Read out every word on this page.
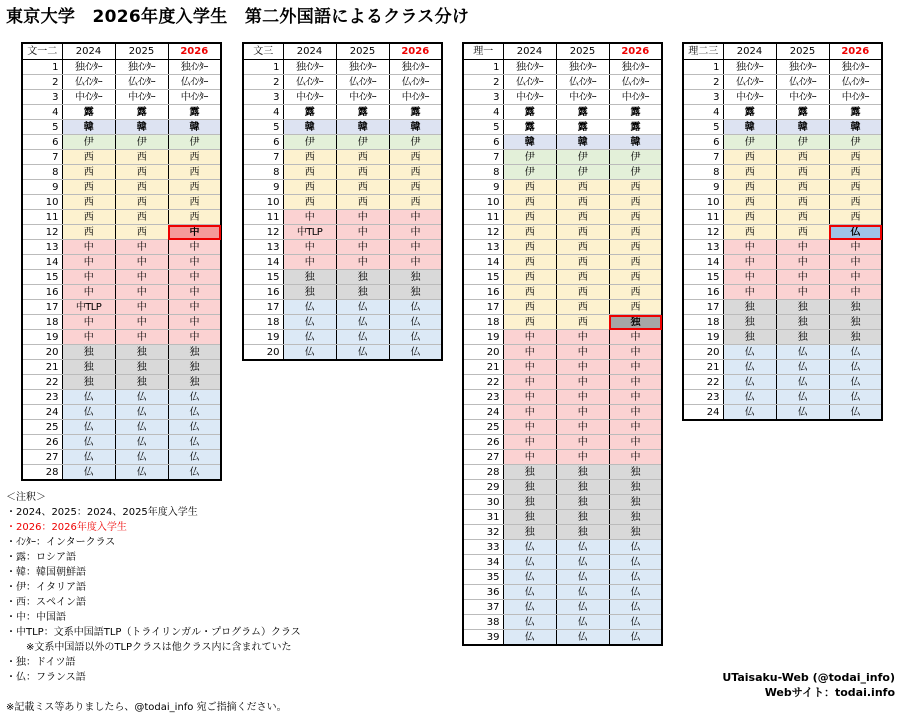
東京大学　2026年度入学生　第二外国語によるクラス分け
文一二	2024	2025	2026
1	独ｲﾝﾀｰ	独ｲﾝﾀｰ	独ｲﾝﾀｰ
2	仏ｲﾝﾀｰ	仏ｲﾝﾀｰ	仏ｲﾝﾀｰ
3	中ｲﾝﾀｰ	中ｲﾝﾀｰ	中ｲﾝﾀｰ
4	露	露	露
5	韓	韓	韓
6	伊	伊	伊
7	西	西	西
8	西	西	西
9	西	西	西
10	西	西	西
11	西	西	西
12	西	西	中
13	中	中	中
14	中	中	中
15	中	中	中
16	中	中	中
17	中TLP	中	中
18	中	中	中
19	中	中	中
20	独	独	独
21	独	独	独
22	独	独	独
23	仏	仏	仏
24	仏	仏	仏
25	仏	仏	仏
26	仏	仏	仏
27	仏	仏	仏
28	仏	仏	仏
文三	2024	2025	2026
1	独ｲﾝﾀｰ	独ｲﾝﾀｰ	独ｲﾝﾀｰ
2	仏ｲﾝﾀｰ	仏ｲﾝﾀｰ	仏ｲﾝﾀｰ
3	中ｲﾝﾀｰ	中ｲﾝﾀｰ	中ｲﾝﾀｰ
4	露	露	露
5	韓	韓	韓
6	伊	伊	伊
7	西	西	西
8	西	西	西
9	西	西	西
10	西	西	西
11	中	中	中
12	中TLP	中	中
13	中	中	中
14	中	中	中
15	独	独	独
16	独	独	独
17	仏	仏	仏
18	仏	仏	仏
19	仏	仏	仏
20	仏	仏	仏
理一	2024	2025	2026
1	独ｲﾝﾀｰ	独ｲﾝﾀｰ	独ｲﾝﾀｰ
2	仏ｲﾝﾀｰ	仏ｲﾝﾀｰ	仏ｲﾝﾀｰ
3	中ｲﾝﾀｰ	中ｲﾝﾀｰ	中ｲﾝﾀｰ
4	露	露	露
5	露	露	露
6	韓	韓	韓
7	伊	伊	伊
8	伊	伊	伊
9	西	西	西
10	西	西	西
11	西	西	西
12	西	西	西
13	西	西	西
14	西	西	西
15	西	西	西
16	西	西	西
17	西	西	西
18	西	西	独
19	中	中	中
20	中	中	中
21	中	中	中
22	中	中	中
23	中	中	中
24	中	中	中
25	中	中	中
26	中	中	中
27	中	中	中
28	独	独	独
29	独	独	独
30	独	独	独
31	独	独	独
32	独	独	独
33	仏	仏	仏
34	仏	仏	仏
35	仏	仏	仏
36	仏	仏	仏
37	仏	仏	仏
38	仏	仏	仏
39	仏	仏	仏
理二三	2024	2025	2026
1	独ｲﾝﾀｰ	独ｲﾝﾀｰ	独ｲﾝﾀｰ
2	仏ｲﾝﾀｰ	仏ｲﾝﾀｰ	仏ｲﾝﾀｰ
3	中ｲﾝﾀｰ	中ｲﾝﾀｰ	中ｲﾝﾀｰ
4	露	露	露
5	韓	韓	韓
6	伊	伊	伊
7	西	西	西
8	西	西	西
9	西	西	西
10	西	西	西
11	西	西	西
12	西	西	仏
13	中	中	中
14	中	中	中
15	中	中	中
16	中	中	中
17	独	独	独
18	独	独	独
19	独	独	独
20	仏	仏	仏
21	仏	仏	仏
22	仏	仏	仏
23	仏	仏	仏
24	仏	仏	仏
＜注釈＞
・2024、2025：2024、2025年度入学生
・2026：2026年度入学生
・ｲﾝﾀｰ：インタークラス
・露：ロシア語
・韓：韓国朝鮮語
・伊：イタリア語
・西：スペイン語
・中：中国語
・中TLP：文系中国語TLP（トライリンガル・プログラム）クラス
　　※文系中国語以外のTLPクラスは他クラス内に含まれていた
・独：ドイツ語
・仏：フランス語

※記載ミス等ありましたら、@todai_info 宛ご指摘ください。
UTaisaku-Web (@todai_info)
Webサイト：todai.info
